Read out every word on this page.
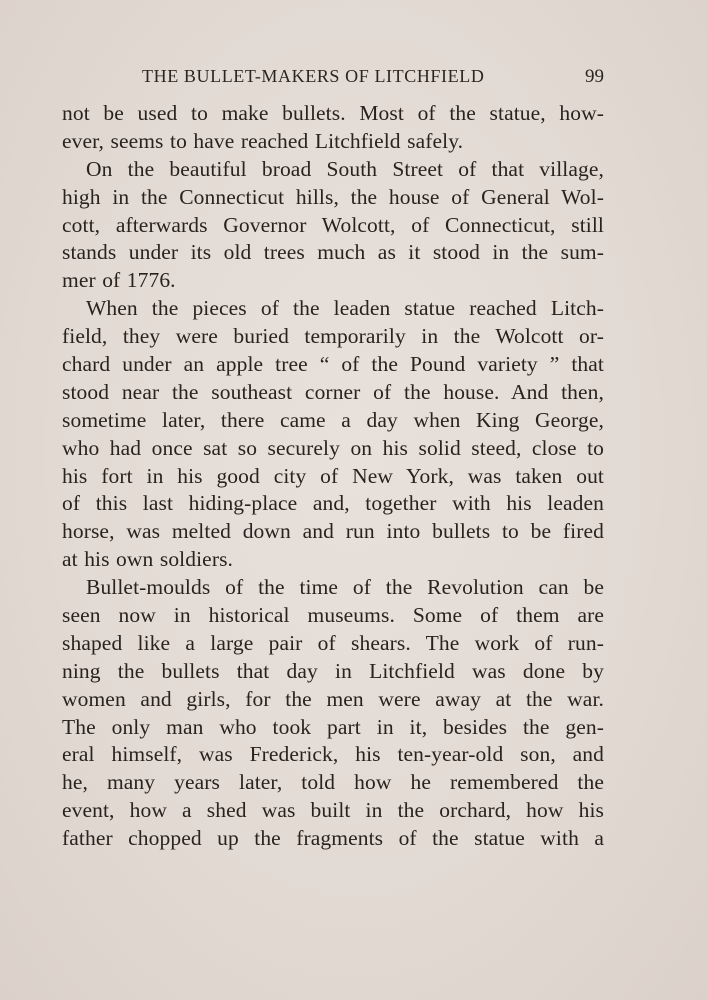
THE BULLET-MAKERS OF LITCHFIELD	99
not be used to make bullets. Most of the statue, how-
ever, seems to have reached Litchfield safely.
On the beautiful broad South Street of that village,
high in the Connecticut hills, the house of General Wol-
cott, afterwards Governor Wolcott, of Connecticut, still
stands under its old trees much as it stood in the sum-
mer of 1776.
When the pieces of the leaden statue reached Litch-
field, they were buried temporarily in the Wolcott or-
chard under an apple tree “ of the Pound variety ” that
stood near the southeast corner of the house. And then,
sometime later, there came a day when King George,
who had once sat so securely on his solid steed, close to
his fort in his good city of New York, was taken out
of this last hiding-place and, together with his leaden
horse, was melted down and run into bullets to be fired
at his own soldiers.
Bullet-moulds of the time of the Revolution can be
seen now in historical museums. Some of them are
shaped like a large pair of shears. The work of run-
ning the bullets that day in Litchfield was done by
women and girls, for the men were away at the war.
The only man who took part in it, besides the gen-
eral himself, was Frederick, his ten-year-old son, and
he, many years later, told how he remembered the
event, how a shed was built in the orchard, how his
father chopped up the fragments of the statue with a
